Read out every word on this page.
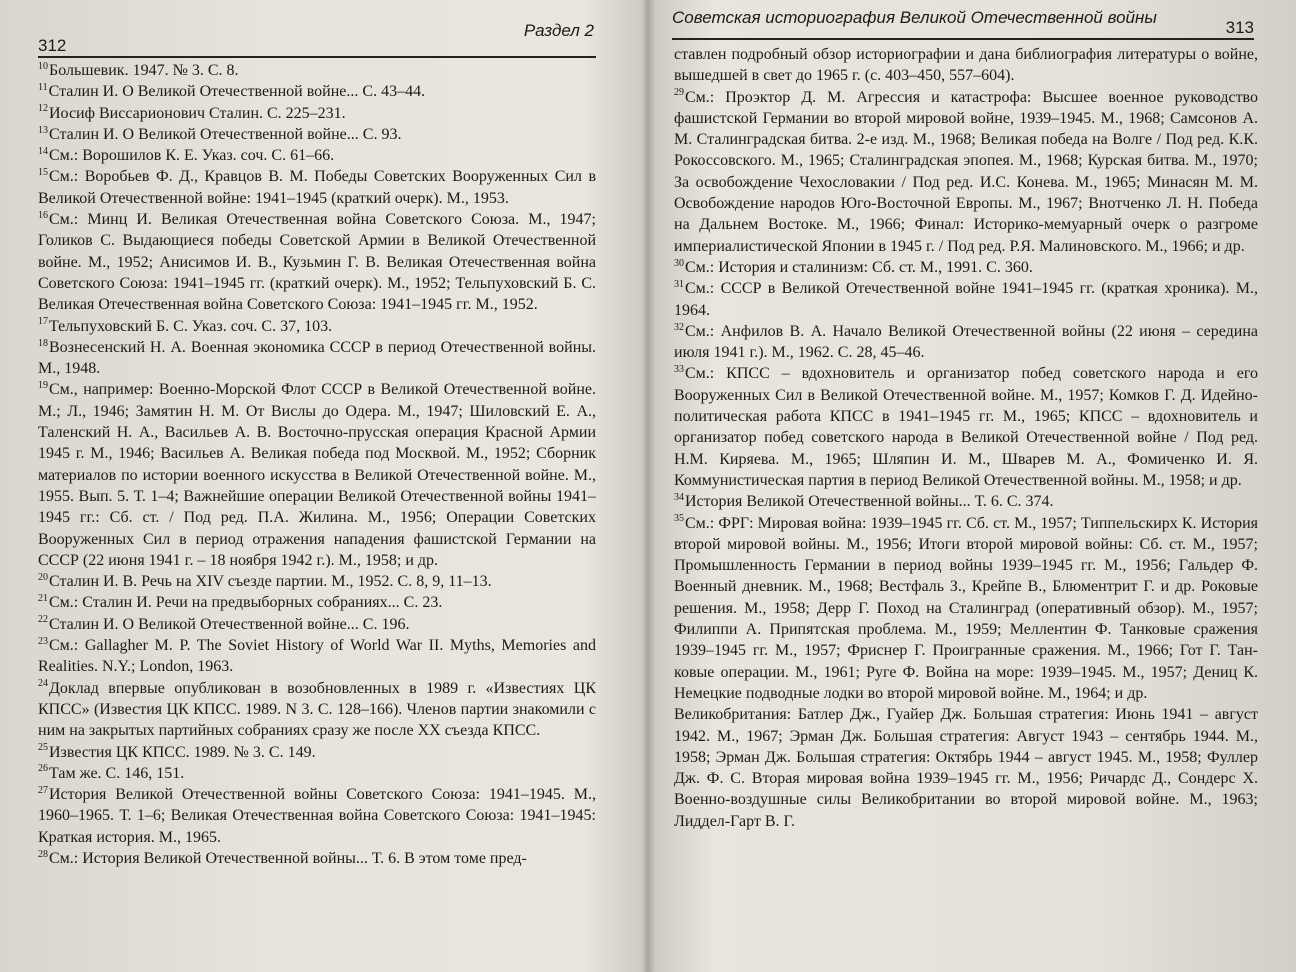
312
Раздел 2

$^{10}$Большевик. 1947. № 3. С. 8.

$^{11}$Сталин И. О Великой Отечественной войне... С. 43–44.

$^{12}$Иосиф Виссарионович Сталин. С. 225–231.

$^{13}$Сталин И. О Великой Отечественной войне... С. 93.

$^{14}$См.: Ворошилов К. Е. Указ. соч. С. 61–66.

$^{15}$См.: Воробьев Ф. Д., Кравцов В. М. Победы Советских Вооруженных Сил в Великой Отечественной войне: 1941–1945 (краткий очерк). М., 1953.

$^{16}$См.: Минц И. Великая Отечественная война Советского Союза. М., 1947; Голиков С. Выдающиеся победы Советской Армии в Великой Отечественной войне. М., 1952; Анисимов И. В., Кузьмин Г. В. Великая Отечественная война Советского Союза: 1941–1945 гг. (краткий очерк). М., 1952; Тельпуховский Б. С. Великая Отечественная война Советского Союза: 1941–1945 гг. М., 1952.

$^{17}$Тельпуховский Б. С. Указ. соч. С. 37, 103.

$^{18}$Вознесенский Н. А. Военная экономика СССР в период Отечественной войны. М., 1948.

$^{19}$См., например: Военно-Морской Флот СССР в Великой Отечественной войне. М.; Л., 1946; Замятин Н. М. От Вислы до Одера. М., 1947; Шиловский Е. А., Таленский Н. А., Васильев А. В. Восточно-прусская операция Красной Армии 1945 г. М., 1946; Васильев А. Великая победа под Москвой. М., 1952; Сборник материалов по истории военного искусства в Великой Отечественной войне. М., 1955. Вып. 5. Т. 1–4; Важнейшие операции Великой Отечественной войны 1941–1945 гг.: Сб. ст. / Под ред. П.А. Жилина. М., 1956; Операции Советских Вооруженных Сил в период отражения нападения фашистской Германии на СССР (22 июня 1941 г. – 18 ноября 1942 г.). М., 1958; и др.

$^{20}$Сталин И. В. Речь на XIV съезде партии. М., 1952. С. 8, 9, 11–13.

$^{21}$См.: Сталин И. Речи на предвыборных собраниях... С. 23.

$^{22}$Сталин И. О Великой Отечественной войне... С. 196.

$^{23}$См.: Gallagher M. P. The Soviet History of World War II. Myths, Memories and Realities. N.Y.; London, 1963.

$^{24}$Доклад впервые опубликован в возобновленных в 1989 г. «Известиях ЦК КПСС» (Известия ЦК КПСС. 1989. N 3. С. 128–166). Членов партии знакомили с ним на закрытых партийных собраниях сразу же после XX съезда КПСС.

$^{25}$Известия ЦК КПСС. 1989. № 3. С. 149.

$^{26}$Там же. С. 146, 151.

$^{27}$История Великой Отечественной войны Советского Союза: 1941–1945. М., 1960–1965. Т. 1–6; Великая Отечественная война Советского Союза: 1941–1945: Краткая история. М., 1965.

$^{28}$См.: История Великой Отечественной войны... Т. 6. В этом томе пред-

Советская историография Великой Отечественной войны
313

ставлен подробный обзор историографии и дана библиография литературы о войне, вышедшей в свет до 1965 г. (с. 403–450, 557–604).

$^{29}$См.: Проэктор Д. М. Агрессия и катастрофа: Высшее военное руководство фашистской Германии во второй мировой войне, 1939–1945. М., 1968; Самсонов А. М. Сталинградская битва. 2-е изд. М., 1968; Великая победа на Волге / Под ред. К.К. Рокоссовского. М., 1965; Сталинградская эпопея. М., 1968; Курская битва. М., 1970; За освобождение Чехословакии / Под ред. И.С. Конева. М., 1965; Минасян М. М. Освобождение народов Юго-Восточной Европы. М., 1967; Внотченко Л. Н. Победа на Дальнем Востоке. М., 1966; Финал: Историко-мемуарный очерк о разгроме империалистической Японии в 1945 г. / Под ред. Р.Я. Малиновского. М., 1966; и др.

$^{30}$См.: История и сталинизм: Сб. ст. М., 1991. С. 360.

$^{31}$См.: СССР в Великой Отечественной войне 1941–1945 гг. (краткая хроника). М., 1964.

$^{32}$См.: Анфилов В. А. Начало Великой Отечественной войны (22 июня – середина июля 1941 г.). М., 1962. С. 28, 45–46.

$^{33}$См.: КПСС – вдохновитель и организатор побед советского народа и его Вооруженных Сил в Великой Отечественной войне. М., 1957; Комков Г. Д. Идейно-политическая работа КПСС в 1941–1945 гг. М., 1965; КПСС – вдохновитель и организатор побед советского народа в Великой Отечественной войне / Под ред. Н.М. Киряева. М., 1965; Шляпин И. М., Шварев М. А., Фомиченко И. Я. Коммунистическая партия в период Великой Отечественной войны. М., 1958; и др.

$^{34}$История Великой Отечественной войны... Т. 6. С. 374.

$^{35}$См.: ФРГ: Мировая война: 1939–1945 гг. Сб. ст. М., 1957; Типпельскирх К. История второй мировой войны. М., 1956; Итоги второй мировой войны: Сб. ст. М., 1957; Промышленность Германии в период войны 1939–1945 гг. М., 1956; Гальдер Ф. Военный дневник. М., 1968; Вестфаль З., Крейпе В., Блюментрит Г. и др. Роковые решения. М., 1958; Дерр Г. Поход на Сталинград (оперативный обзор). М., 1957; Филиппи А. Припятская проблема. М., 1959; Меллентин Ф. Танковые сражения 1939–1945 гг. М., 1957; Фриснер Г. Проигранные сражения. М., 1966; Гот Г. Тан-ковые операции. М., 1961; Руге Ф. Война на море: 1939–1945. М., 1957; Дениц К. Немецкие подводные лодки во второй мировой войне. М., 1964; и др.

Великобритания: Батлер Дж., Гуайер Дж. Большая стратегия: Июнь 1941 – август 1942. М., 1967; Эрман Дж. Большая стратегия: Август 1943 – сентябрь 1944. М., 1958; Эрман Дж. Большая стратегия: Октябрь 1944 – август 1945. М., 1958; Фуллер Дж. Ф. С. Вторая мировая война 1939–1945 гг. М., 1956; Ричардс Д., Сондерс Х. Военно-воздушные силы Великобритании во второй мировой войне. М., 1963; Лиддел-Гарт В. Г.
